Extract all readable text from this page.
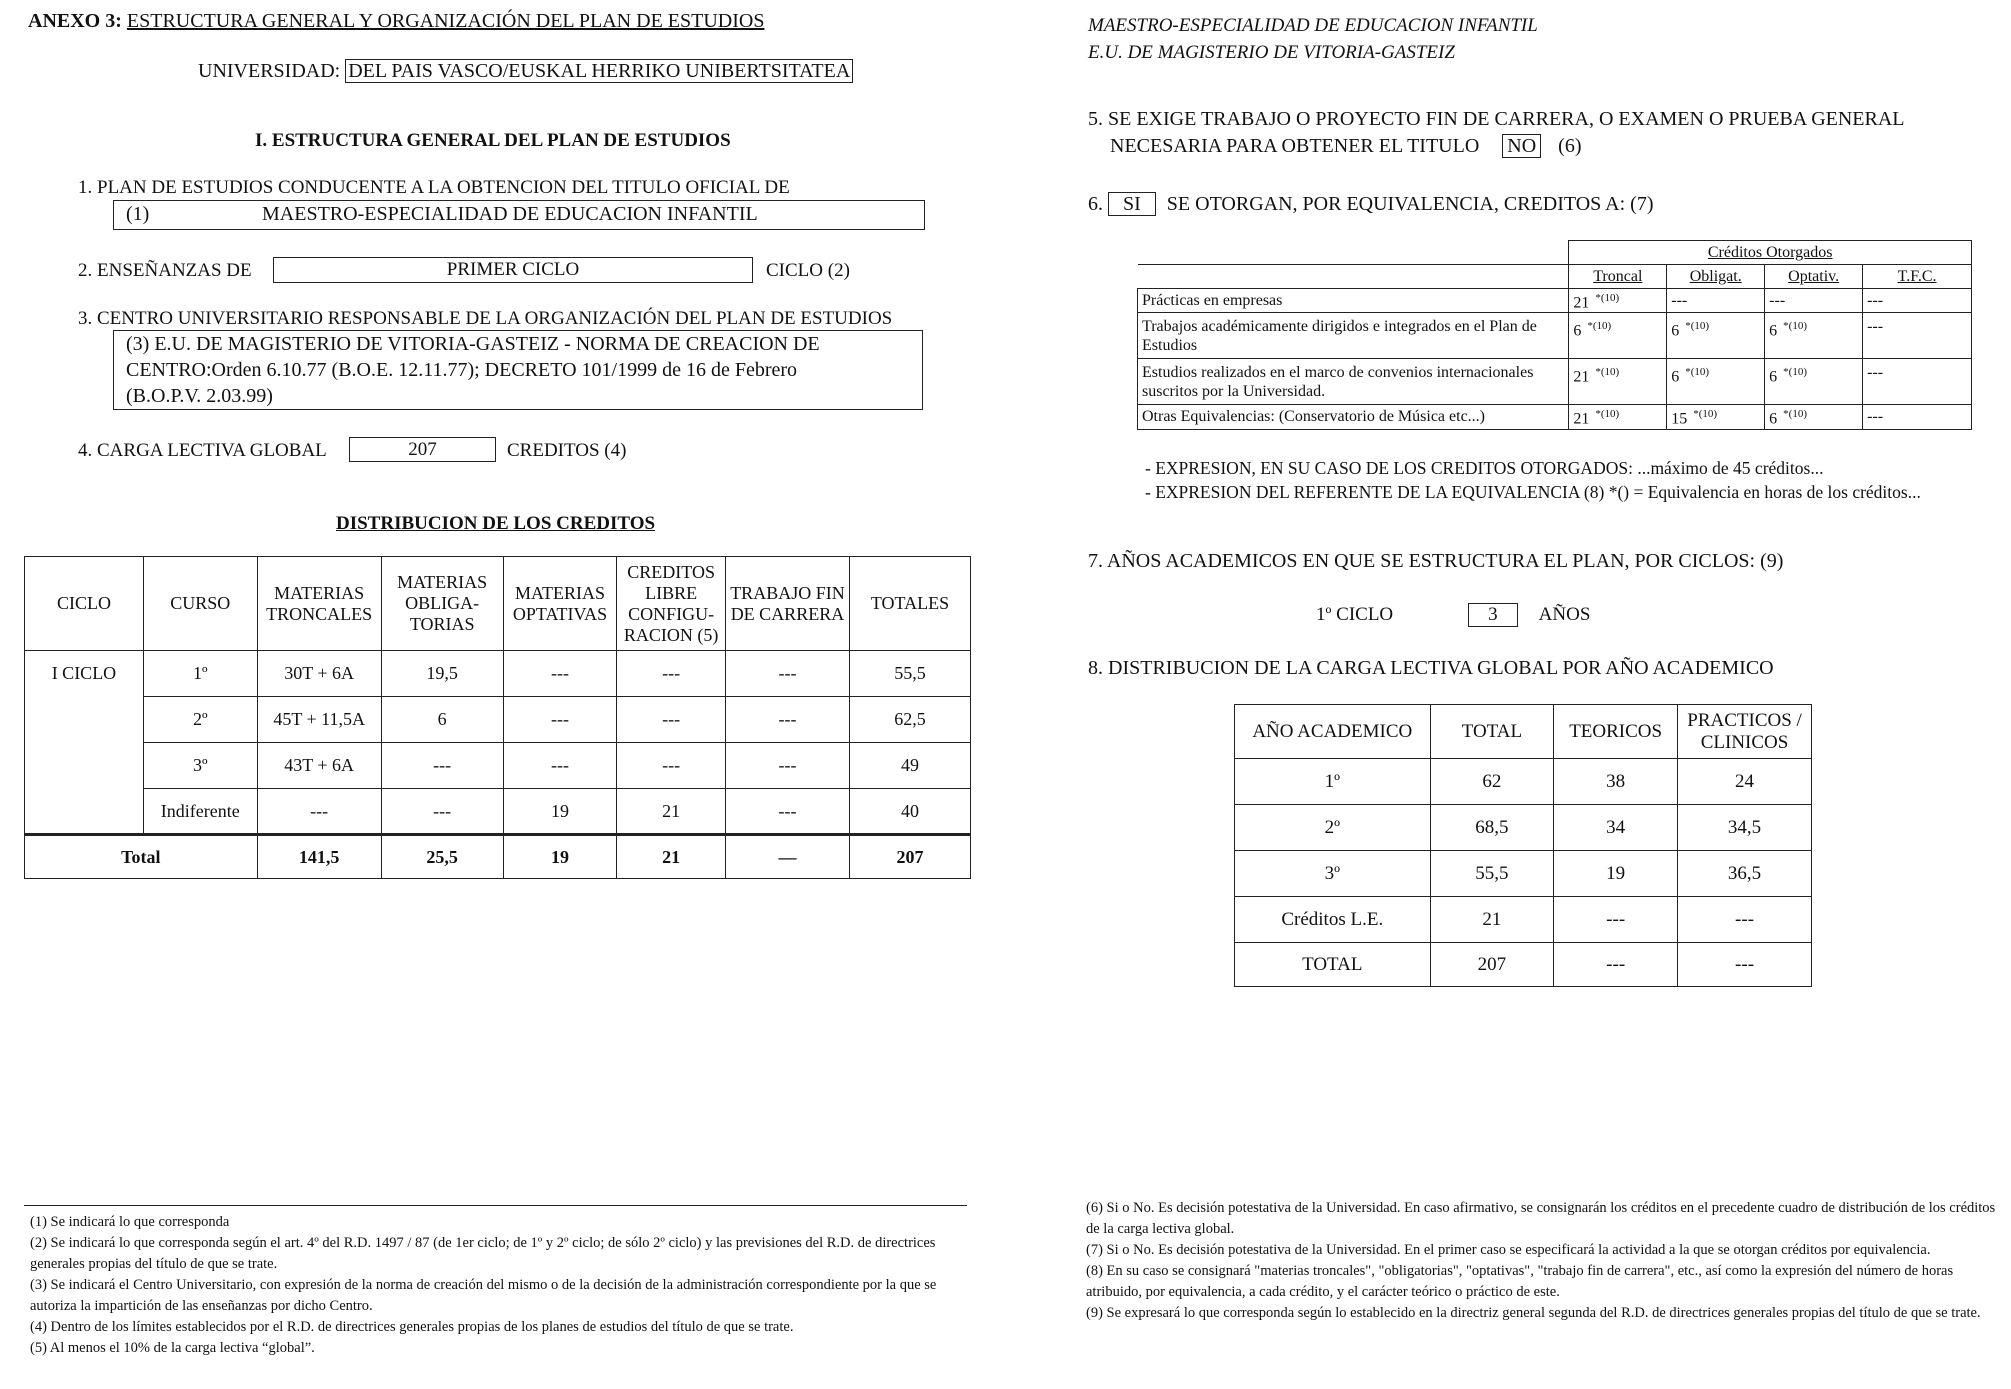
ANEXO 3: ESTRUCTURA GENERAL Y ORGANIZACIÓN DEL PLAN DE ESTUDIOS
UNIVERSIDAD: DEL PAIS VASCO/EUSKAL HERRIKO UNIBERTSITATEA
I. ESTRUCTURA GENERAL DEL PLAN DE ESTUDIOS
1. PLAN DE ESTUDIOS CONDUCENTE A LA OBTENCION DEL TITULO OFICIAL DE
(1)	MAESTRO-ESPECIALIDAD DE EDUCACION INFANTIL
2. ENSEÑANZAS DE	PRIMER CICLO	CICLO (2)
3. CENTRO UNIVERSITARIO RESPONSABLE DE LA ORGANIZACIÓN DEL PLAN DE ESTUDIOS
(3) E.U. DE MAGISTERIO DE VITORIA-GASTEIZ - NORMA DE CREACION DE
CENTRO:Orden 6.10.77 (B.O.E. 12.11.77); DECRETO 101/1999 de 16 de Febrero
(B.O.P.V. 2.03.99)
4. CARGA LECTIVA GLOBAL	207	CREDITOS (4)
DISTRIBUCION DE LOS CREDITOS
CICLO	CURSO	MATERIAS TRONCALES	MATERIAS OBLIGA-TORIAS	MATERIAS OPTATIVAS	CREDITOS LIBRE CONFIGU-RACION (5)	TRABAJO FIN DE CARRERA	TOTALES
I CICLO	1º	30T + 6A	19,5	---	---	---	55,5
	2º	45T + 11,5A	6	---	---	---	62,5
	3º	43T + 6A	---	---	---	---	49
	Indiferente	---	---	19	21	---	40
Total		141,5	25,5	19	21	—	207
(1) Se indicará lo que corresponda
(2) Se indicará lo que corresponda según el art. 4º del R.D. 1497 / 87 (de 1er ciclo; de 1º y 2º ciclo; de sólo 2º ciclo) y las previsiones del R.D. de directrices generales propias del título de que se trate.
(3) Se indicará el Centro Universitario, con expresión de la norma de creación del mismo o de la decisión de la administración correspondiente por la que se autoriza la impartición de las enseñanzas por dicho Centro.
(4) Dentro de los límites establecidos por el R.D. de directrices generales propias de los planes de estudios del título de que se trate.
(5) Al menos el 10% de la carga lectiva “global”.
MAESTRO-ESPECIALIDAD DE EDUCACION INFANTIL
E.U. DE MAGISTERIO DE VITORIA-GASTEIZ
5. SE EXIGE TRABAJO O PROYECTO FIN DE CARRERA, O EXAMEN O PRUEBA GENERAL
NECESARIA PARA OBTENER EL TITULO NO (6)
6. SI SE OTORGAN, POR EQUIVALENCIA, CREDITOS A: (7)
	Créditos Otorgados			
	Troncal	Obligat.	Optativ.	T.F.C.
Prácticas en empresas	21 $^{*(10)}$	---	---	---
Trabajos académicamente dirigidos e integrados en el Plan de Estudios	6 $^{*(10)}$	6 $^{*(10)}$	6 $^{*(10)}$	---
Estudios realizados en el marco de convenios internacionales suscritos por la Universidad.	21 $^{*(10)}$	6 $^{*(10)}$	6 $^{*(10)}$	---
Otras Equivalencias: (Conservatorio de Música etc...)	21 $^{*(10)}$	15 $^{*(10)}$	6 $^{*(10)}$	---
- EXPRESION, EN SU CASO DE LOS CREDITOS OTORGADOS: ...máximo de 45 créditos...
- EXPRESION DEL REFERENTE DE LA EQUIVALENCIA (8) *() = Equivalencia en horas de los créditos...
7. AÑOS ACADEMICOS EN QUE SE ESTRUCTURA EL PLAN, POR CICLOS: (9)
1º CICLO	3 AÑOS
8. DISTRIBUCION DE LA CARGA LECTIVA GLOBAL POR AÑO ACADEMICO
AÑO ACADEMICO	TOTAL	TEORICOS	PRACTICOS / CLINICOS
1º	62	38	24
2º	68,5	34	34,5
3º	55,5	19	36,5
Créditos L.E.	21	---	---
TOTAL	207	---	---
(6) Si o No. Es decisión potestativa de la Universidad. En caso afirmativo, se consignarán los créditos en el precedente cuadro de distribución de los créditos de la carga lectiva global.
(7) Si o No. Es decisión potestativa de la Universidad. En el primer caso se especificará la actividad a la que se otorgan créditos por equivalencia.
(8) En su caso se consignará "materias troncales", "obligatorias", "optativas", "trabajo fin de carrera", etc., así como la expresión del número de horas atribuido, por equivalencia, a cada crédito, y el carácter teórico o práctico de este.
(9) Se expresará lo que corresponda según lo establecido en la directriz general segunda del R.D. de directrices generales propias del título de que se trate.
